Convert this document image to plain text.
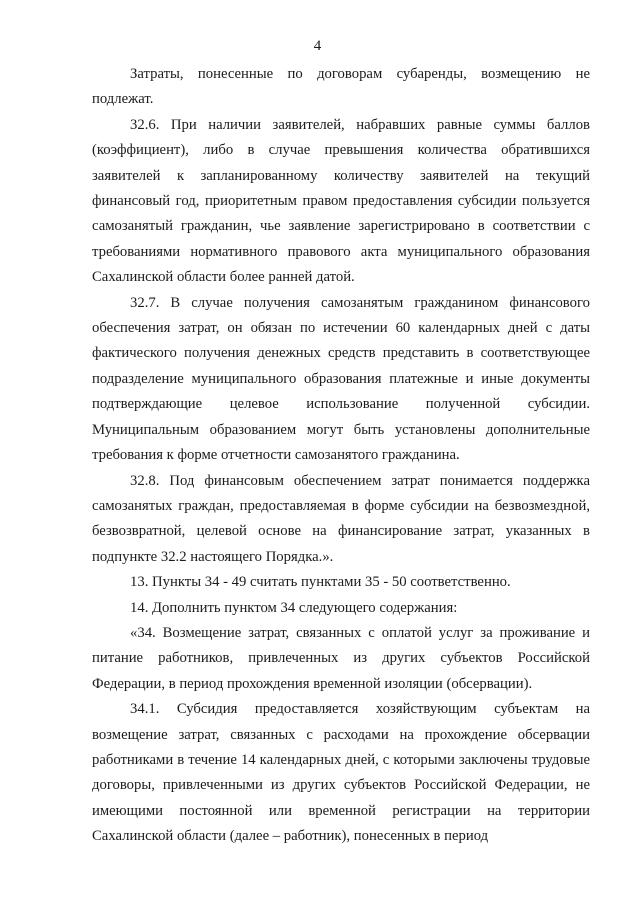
4

Затраты, понесенные по договорам субаренды, возмещению не подлежат.

32.6. При наличии заявителей, набравших равные суммы баллов (коэффициент), либо в случае превышения количества обратившихся заявителей к запланированному количеству заявителей на текущий финансовый год, приоритетным правом предоставления субсидии пользуется самозанятый гражданин, чье заявление зарегистрировано в соответствии с требованиями нормативного правового акта муниципального образования Сахалинской области более ранней датой.

32.7. В случае получения самозанятым гражданином финансового обеспечения затрат, он обязан по истечении 60 календарных дней с даты фактического получения денежных средств представить в соответствующее подразделение муниципального образования платежные и иные документы подтверждающие целевое использование полученной субсидии. Муниципальным образованием могут быть установлены дополнительные требования к форме отчетности самозанятого гражданина.

32.8. Под финансовым обеспечением затрат понимается поддержка самозанятых граждан, предоставляемая в форме субсидии на безвозмездной, безвозвратной, целевой основе на финансирование затрат, указанных в подпункте 32.2 настоящего Порядка.».

13. Пункты 34 - 49 считать пунктами 35 - 50 соответственно.

14. Дополнить пунктом 34 следующего содержания:

«34. Возмещение затрат, связанных с оплатой услуг за проживание и питание работников, привлеченных из других субъектов Российской Федерации, в период прохождения временной изоляции (обсервации).

34.1. Субсидия предоставляется хозяйствующим субъектам на возмещение затрат, связанных с расходами на прохождение обсервации работниками в течение 14 календарных дней, с которыми заключены трудовые договоры, привлеченными из других субъектов Российской Федерации, не имеющими постоянной или временной регистрации на территории Сахалинской области (далее – работник), понесенных в период
